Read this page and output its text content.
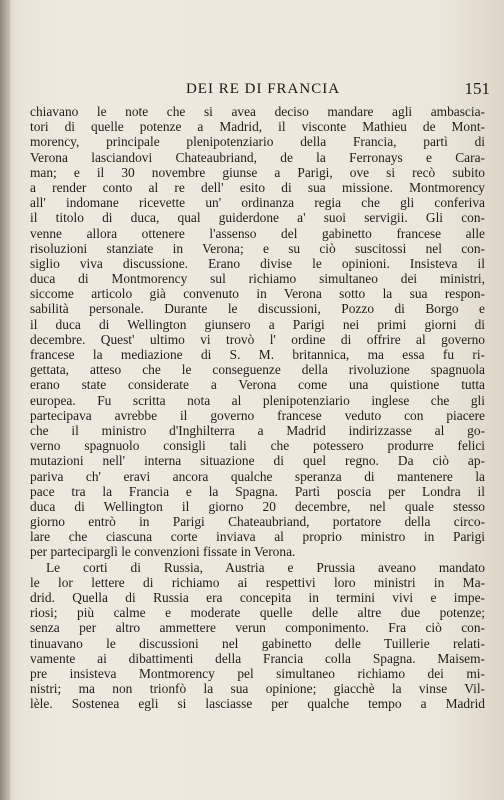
DEI RE DI FRANCIA	151
chiavano le note che si avea deciso mandare agli ambascia-
tori di quelle potenze a Madrid, il visconte Mathieu de Mont-
morency, principale plenipotenziario della Francia, partì di
Verona lasciandovi Chateaubriand, de la Ferronays e Cara-
man; e il 30 novembre giunse a Parigi, ove si recò subito
a render conto al re dell' esito di sua missione. Montmorency
all' indomane ricevette un' ordinanza regia che gli conferiva
il titolo di duca, qual guiderdone a' suoi servigii. Gli con-
venne allora ottenere l'assenso del gabinetto francese alle
risoluzioni stanziate in Verona; e su ciò suscitossi nel con-
siglio viva discussione. Erano divise le opinioni. Insisteva il
duca di Montmorency sul richiamo simultaneo dei ministri,
siccome articolo già convenuto in Verona sotto la sua respon-
sabilità personale. Durante le discussioni, Pozzo di Borgo e
il duca di Wellington giunsero a Parigi nei primi giorni di
decembre. Quest' ultimo vi trovò l' ordine di offrire al governo
francese la mediazione di S. M. britannica, ma essa fu ri-
gettata, atteso che le conseguenze della rivoluzione spagnuola
erano state considerate a Verona come una quistione tutta
europea. Fu scritta nota al plenipotenziario inglese che gli
partecipava avrebbe il governo francese veduto con piacere
che il ministro d'Inghilterra a Madrid indirizzasse al go-
verno spagnuolo consigli tali che potessero produrre felici
mutazioni nell' interna situazione di quel regno. Da ciò ap-
pariva ch' eravi ancora qualche speranza di mantenere la
pace tra la Francia e la Spagna. Partì poscia per Londra il
duca di Wellington il giorno 20 decembre, nel quale stesso
giorno entrò in Parigi Chateaubriand, portatore della circo-
lare che ciascuna corte inviava al proprio ministro in Parigi
per parteciparglì le convenzioni fissate in Verona.
Le corti di Russia, Austria e Prussia aveano mandato
le lor lettere di richiamo ai respettivi loro ministri in Ma-
drid. Quella di Russia era concepita in termini vivi e impe-
riosi; più calme e moderate quelle delle altre due potenze;
senza per altro ammettere verun componimento. Fra ciò con-
tinuavano le discussioni nel gabinetto delle Tuillerie relati-
vamente ai dibattimenti della Francia colla Spagna. Maisem-
pre insisteva Montmorency pel simultaneo richiamo dei mi-
nistri; ma non trionfò la sua opinione; giacchè la vinse Vil-
lèle. Sostenea egli si lasciasse per qualche tempo a Madrid
